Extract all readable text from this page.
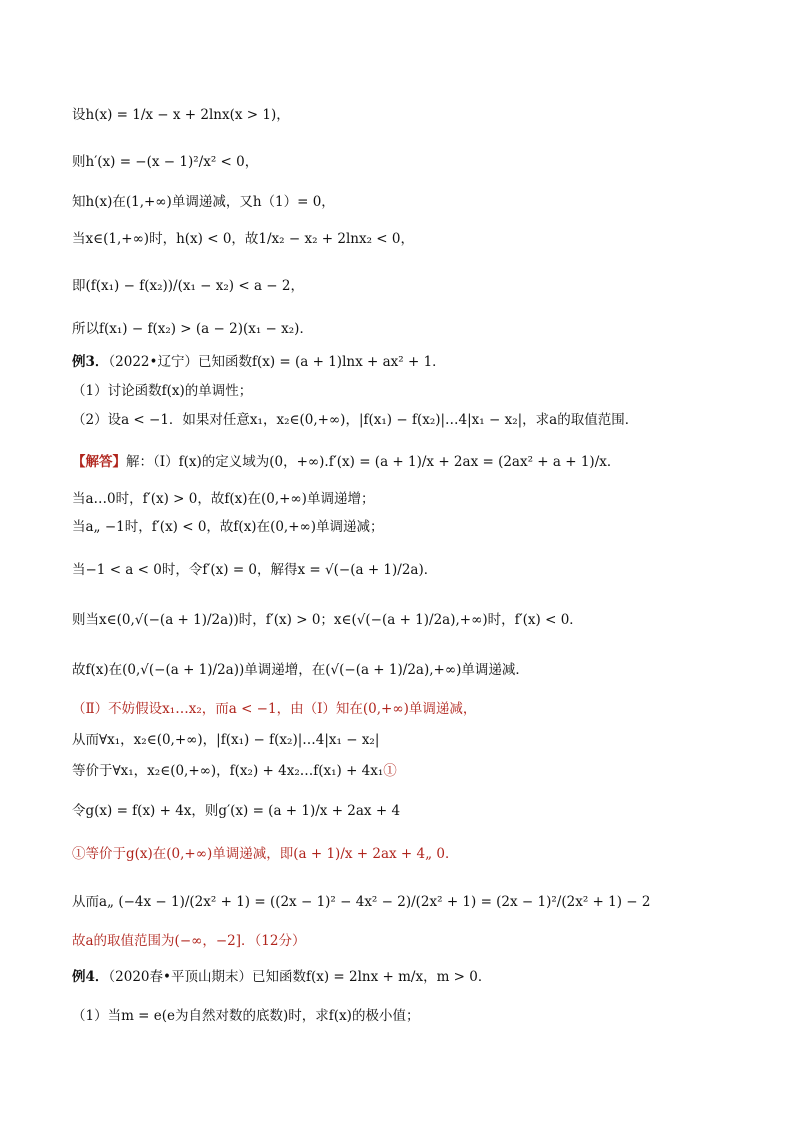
设h(x) = 1/x − x + 2lnx(x > 1)，
则h′(x) = −(x − 1)²/x² < 0，
知h(x)在(1,+∞)单调递减，又h（1）= 0，
当x∈(1,+∞)时，h(x) < 0，故1/x₂ − x₂ + 2lnx₂ < 0，
即(f(x₁) − f(x₂))/(x₁ − x₂) < a − 2，
所以f(x₁) − f(x₂) > (a − 2)(x₁ − x₂)．
例3．（2022•辽宁）已知函数f(x) = (a + 1)lnx + ax² + 1．
（1）讨论函数f(x)的单调性；
（2）设a < −1．如果对任意x₁，x₂∈(0,+∞)，|f(x₁) − f(x₂)|…4|x₁ − x₂|，求a的取值范围．
【解答】解：（Ⅰ）f(x)的定义域为(0，+∞).f′(x) = (a + 1)/x + 2ax = (2ax² + a + 1)/x．
当a…0时，f′(x) > 0，故f(x)在(0,+∞)单调递增；
当a„ −1时，f′(x) < 0，故f(x)在(0,+∞)单调递减；
当−1 < a < 0时，令f′(x) = 0，解得x = √(−(a + 1)/2a)．
则当x∈(0,√(−(a + 1)/2a))时，f′(x) > 0；x∈(√(−(a + 1)/2a),+∞)时，f′(x) < 0．
故f(x)在(0,√(−(a + 1)/2a))单调递增，在(√(−(a + 1)/2a),+∞)单调递减．
（Ⅱ）不妨假设x₁…x₂，而a < −1，由（Ⅰ）知在(0,+∞)单调递减，
从而∀x₁，x₂∈(0,+∞)，|f(x₁) − f(x₂)|…4|x₁ − x₂|
等价于∀x₁，x₂∈(0,+∞)，f(x₂) + 4x₂…f(x₁) + 4x₁①
令g(x) = f(x) + 4x，则g′(x) = (a + 1)/x + 2ax + 4
①等价于g(x)在(0,+∞)单调递减，即(a + 1)/x + 2ax + 4„ 0．
从而a„ (−4x − 1)/(2x² + 1) = ((2x − 1)² − 4x² − 2)/(2x² + 1) = (2x − 1)²/(2x² + 1) − 2
故a的取值范围为(−∞，−2]．（12分）
例4．（2020春•平顶山期末）已知函数f(x) = 2lnx + m/x，m > 0．
（1）当m = e(e为自然对数的底数)时，求f(x)的极小值；
